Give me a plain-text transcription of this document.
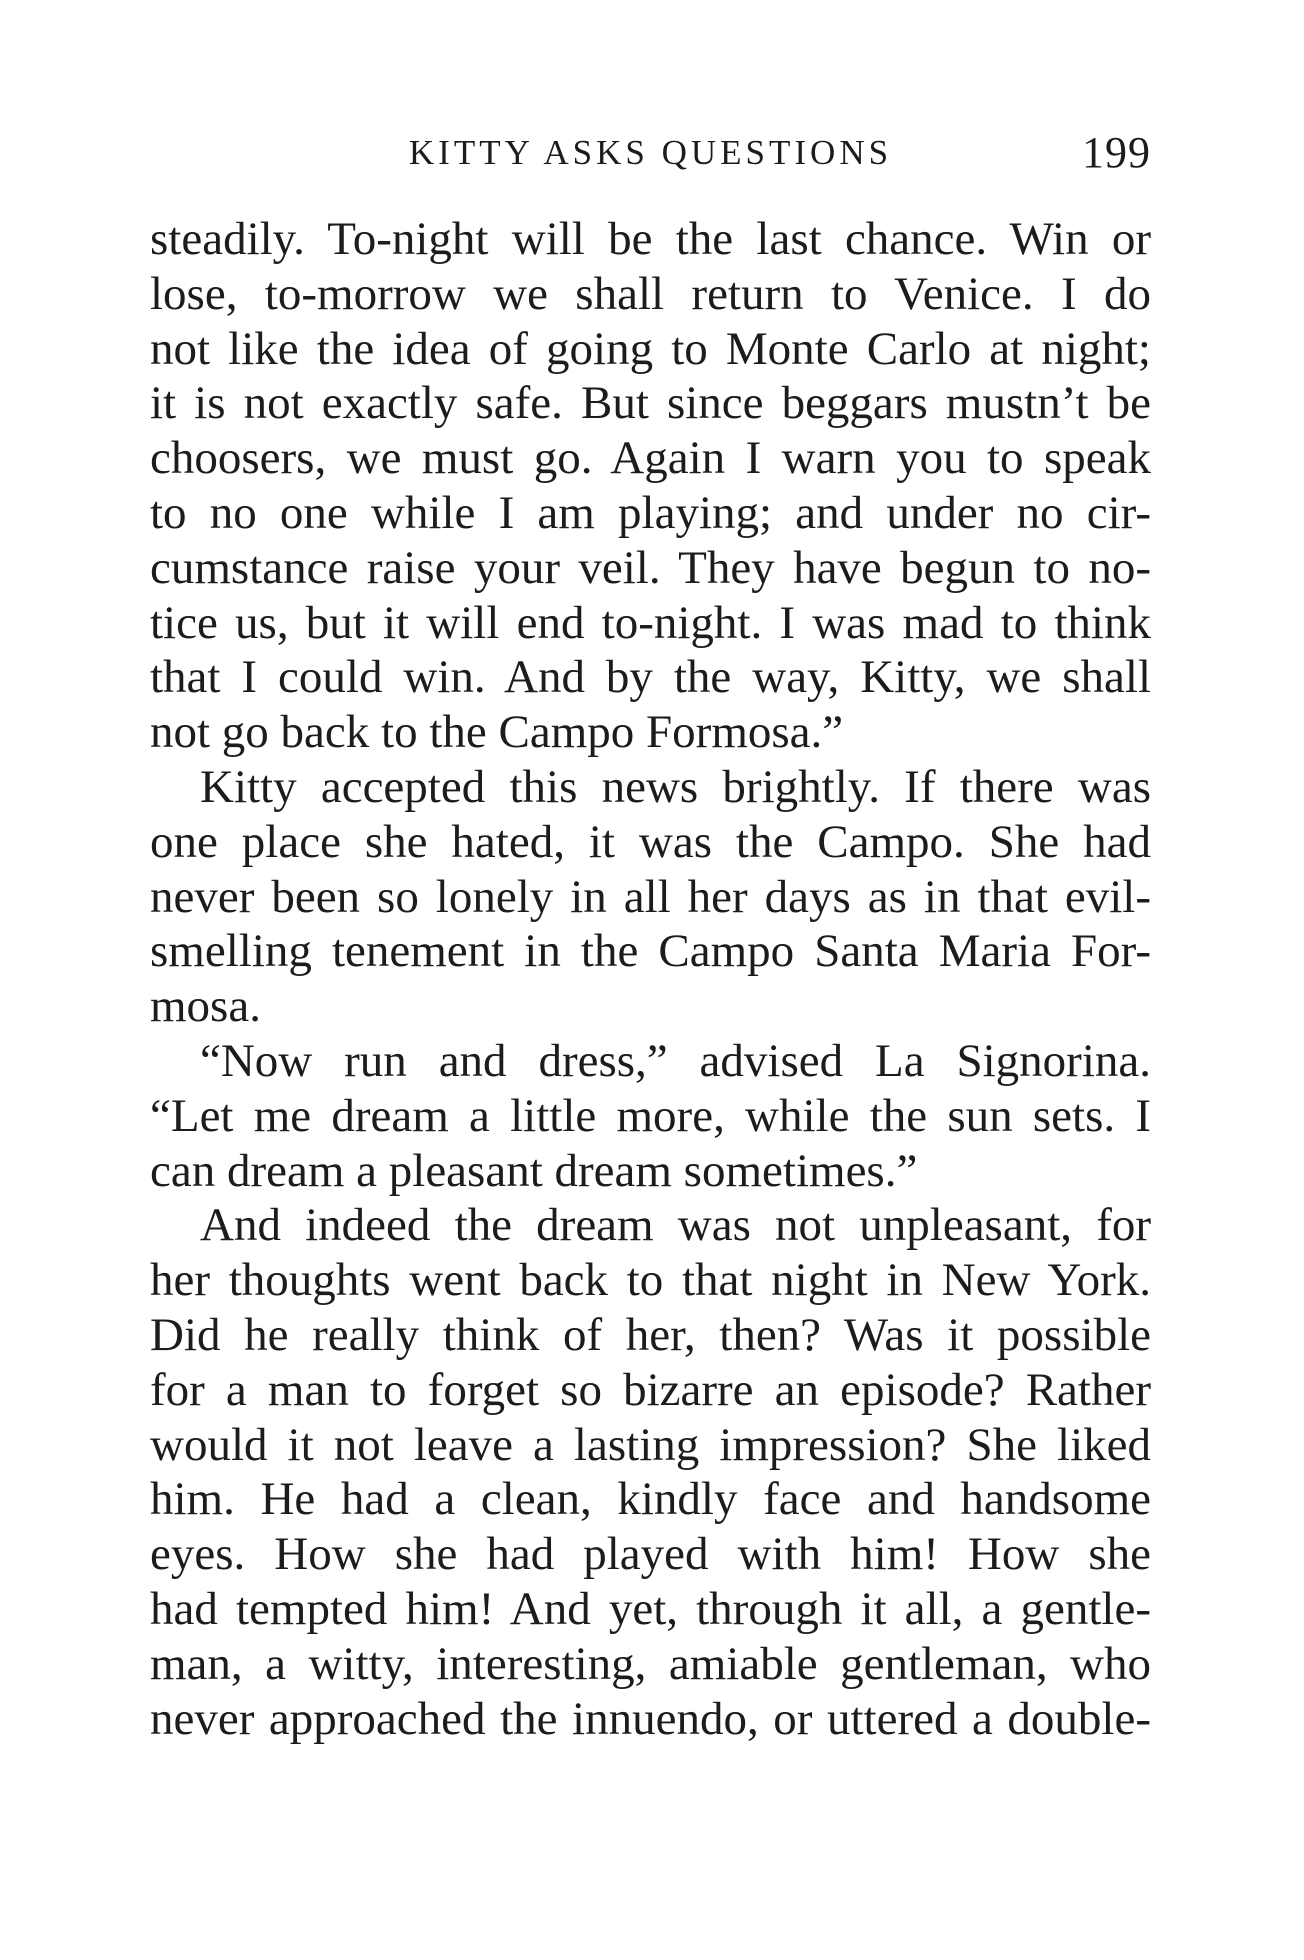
KITTY ASKS QUESTIONS	199
steadily. To-night will be the last chance. Win or
lose, to-morrow we shall return to Venice. I do
not like the idea of going to Monte Carlo at night;
it is not exactly safe. But since beggars mustn’t be
choosers, we must go. Again I warn you to speak
to no one while I am playing; and under no cir-
cumstance raise your veil. They have begun to no-
tice us, but it will end to-night. I was mad to think
that I could win. And by the way, Kitty, we shall
not go back to the Campo Formosa.”
Kitty accepted this news brightly. If there was
one place she hated, it was the Campo. She had
never been so lonely in all her days as in that evil-
smelling tenement in the Campo Santa Maria For-
mosa.
“Now run and dress,” advised La Signorina.
“Let me dream a little more, while the sun sets. I
can dream a pleasant dream sometimes.”
And indeed the dream was not unpleasant, for
her thoughts went back to that night in New York.
Did he really think of her, then? Was it possible
for a man to forget so bizarre an episode? Rather
would it not leave a lasting impression? She liked
him. He had a clean, kindly face and handsome
eyes. How she had played with him! How she
had tempted him! And yet, through it all, a gentle-
man, a witty, interesting, amiable gentleman, who
never approached the innuendo, or uttered a double-
